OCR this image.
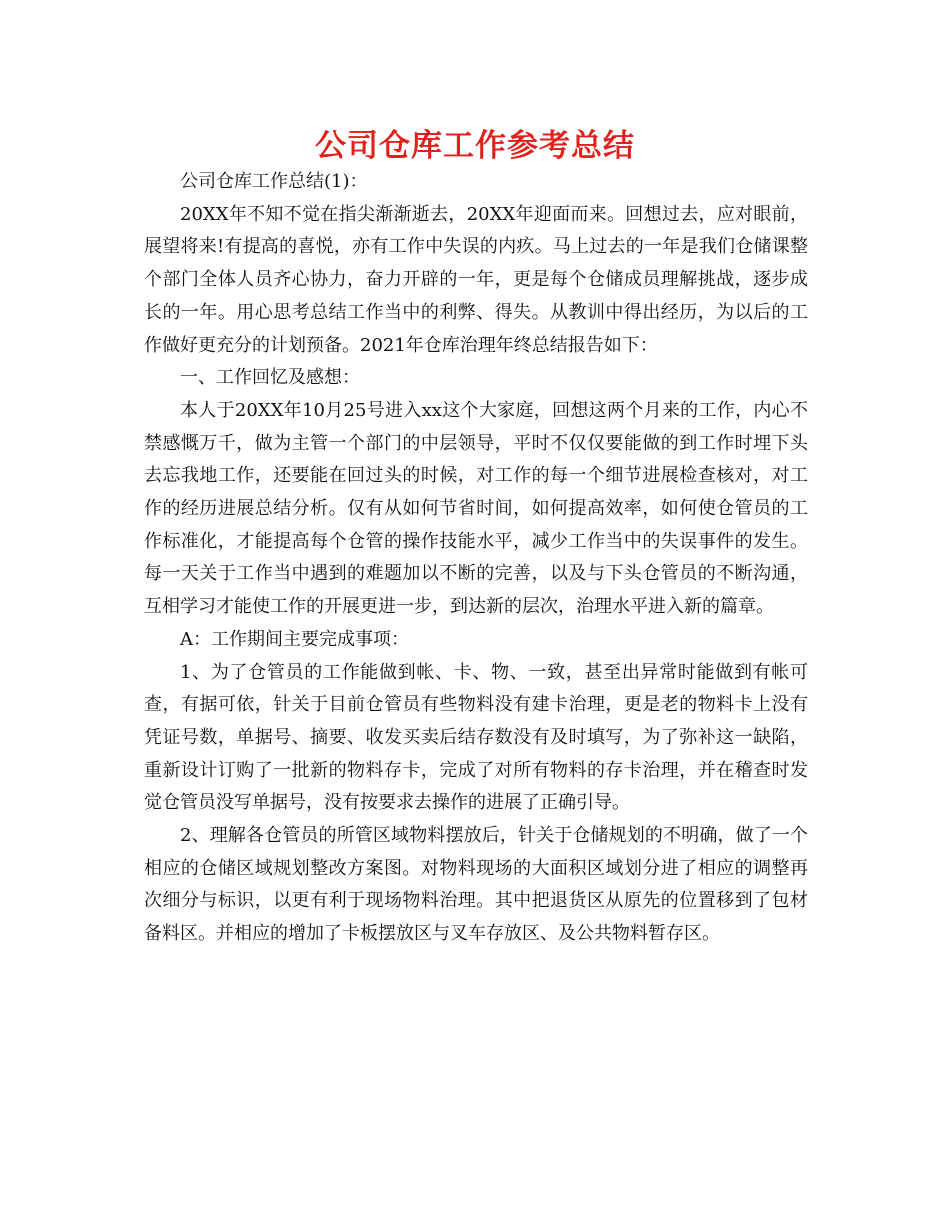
公司仓库工作参考总结

公司仓库工作总结(1)：

20XX年不知不觉在指尖渐渐逝去，20XX年迎面而来。回想过去，应对眼前，展望将来!有提高的喜悦，亦有工作中失误的内疚。马上过去的一年是我们仓储课整个部门全体人员齐心协力，奋力开辟的一年，更是每个仓储成员理解挑战，逐步成长的一年。用心思考总结工作当中的利弊、得失。从教训中得出经历，为以后的工作做好更充分的计划预备。2021年仓库治理年终总结报告如下：

一、工作回忆及感想：

本人于20XX年10月25号进入xx这个大家庭，回想这两个月来的工作，内心不禁感慨万千，做为主管一个部门的中层领导，平时不仅仅要能做的到工作时埋下头去忘我地工作，还要能在回过头的时候，对工作的每一个细节进展检查核对，对工作的经历进展总结分析。仅有从如何节省时间，如何提高效率，如何使仓管员的工作标准化，才能提高每个仓管的操作技能水平，减少工作当中的失误事件的发生。每一天关于工作当中遇到的难题加以不断的完善，以及与下头仓管员的不断沟通，互相学习才能使工作的开展更进一步，到达新的层次，治理水平进入新的篇章。

A：工作期间主要完成事项：

1、为了仓管员的工作能做到帐、卡、物、一致，甚至出异常时能做到有帐可查，有据可依，针关于目前仓管员有些物料没有建卡治理，更是老的物料卡上没有凭证号数，单据号、摘要、收发买卖后结存数没有及时填写，为了弥补这一缺陷，重新设计订购了一批新的物料存卡，完成了对所有物料的存卡治理，并在稽查时发觉仓管员没写单据号，没有按要求去操作的进展了正确引导。

2、理解各仓管员的所管区域物料摆放后，针关于仓储规划的不明确，做了一个相应的仓储区域规划整改方案图。对物料现场的大面积区域划分进了相应的调整再次细分与标识，以更有利于现场物料治理。其中把退货区从原先的位置移到了包材备料区。并相应的增加了卡板摆放区与叉车存放区、及公共物料暂存区。
